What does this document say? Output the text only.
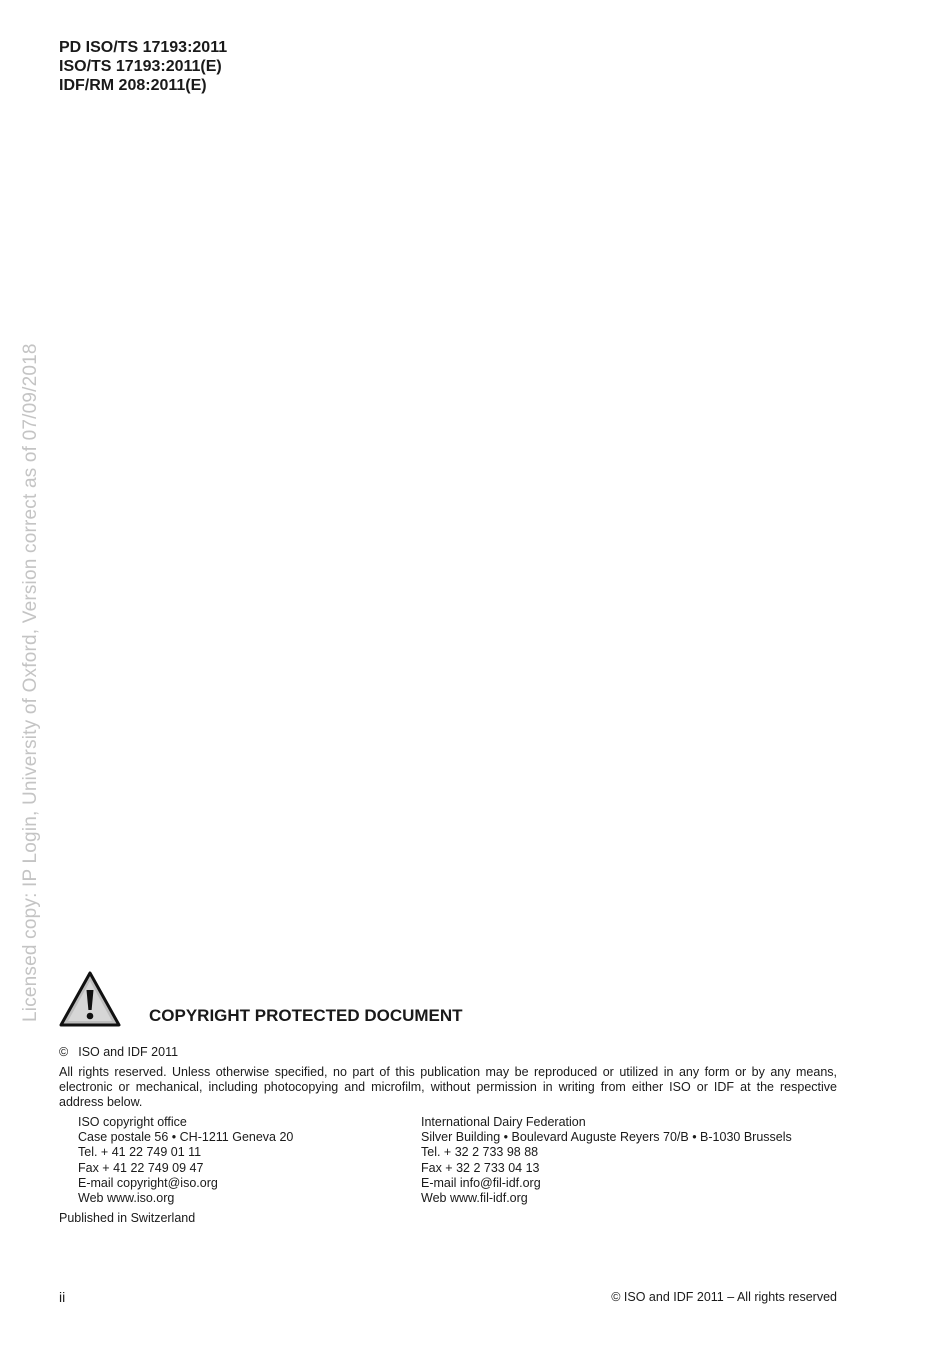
PD ISO/TS 17193:2011
ISO/TS 17193:2011(E)
IDF/RM 208:2011(E)
Licensed copy: IP Login, University of Oxford, Version correct as of 07/09/2018	COPYRIGHT PROTECTED DOCUMENT
© ISO and IDF 2011
All rights reserved. Unless otherwise specified, no part of this publication may be reproduced or utilized in any form or by any means, electronic or mechanical, including photocopying and microfilm, without permission in writing from either ISO or IDF at the respective address below.
ISO copyright office
Case postale 56 • CH-1211 Geneva 20
Tel. + 41 22 749 01 11
Fax + 41 22 749 09 47
E-mail copyright@iso.org
Web www.iso.org
International Dairy Federation
Silver Building • Boulevard Auguste Reyers 70/B • B-1030 Brussels
Tel. + 32 2 733 98 88
Fax + 32 2 733 04 13
E-mail info@fil-idf.org
Web www.fil-idf.org
Published in Switzerland
ii	© ISO and IDF 2011 – All rights reserved
